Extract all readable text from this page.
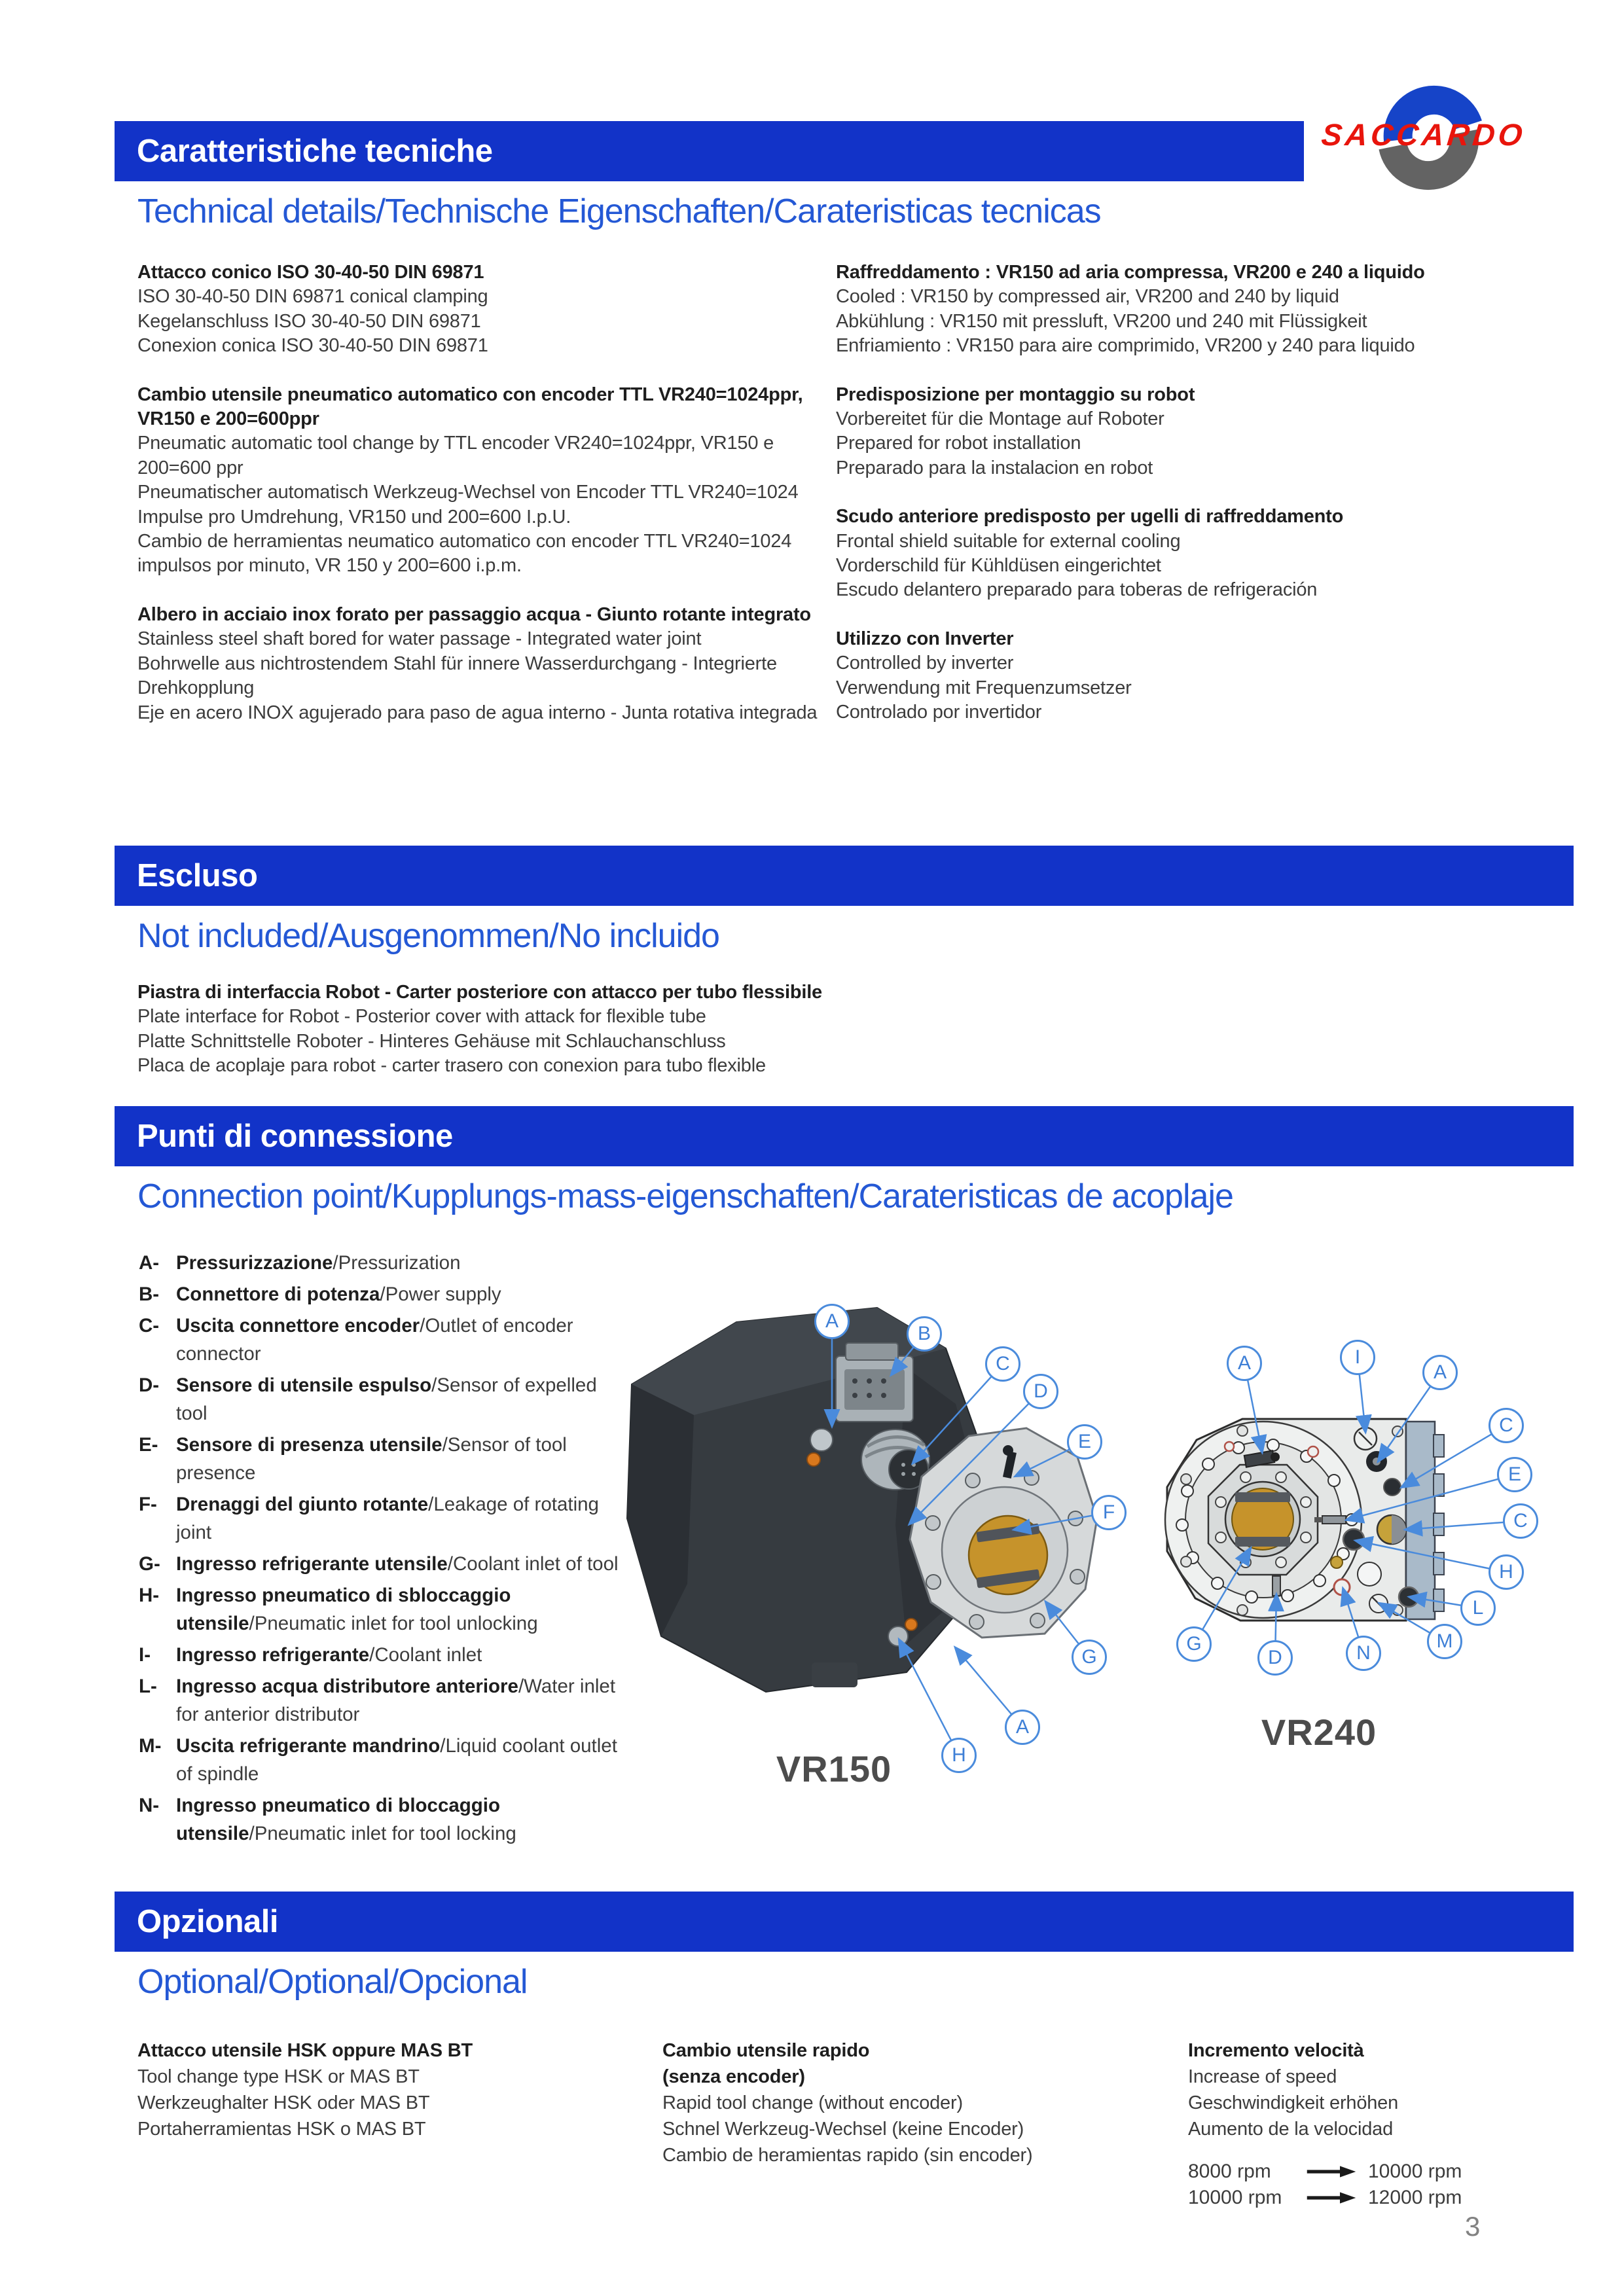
Caratteristiche tecniche	SACCARDO
Technical details/Technische Eigenschaften/Carateristicas tecnicas

Attacco conico ISO 30-40-50 DIN 69871

ISO 30-40-50 DIN 69871 conical clamping

Kegelanschluss ISO 30-40-50 DIN 69871

Conexion conica ISO 30-40-50 DIN 69871

Cambio utensile pneumatico automatico con encoder TTL VR240=1024ppr, VR150 e 200=600ppr

Pneumatic automatic tool change by TTL encoder VR240=1024ppr, VR150 e 200=600 ppr

Pneumatischer automatisch Werkzeug-Wechsel von Encoder TTL VR240=1024 Impulse pro Umdrehung, VR150 und 200=600 I.p.U.

Cambio de herramientas neumatico automatico con encoder TTL VR240=1024 impulsos por minuto, VR 150 y 200=600 i.p.m.

Albero in acciaio inox forato per passaggio acqua - Giunto rotante integrato

Stainless steel shaft bored for water passage - Integrated water joint

Bohrwelle aus nichtrostendem Stahl für innere Wasserdurchgang - Integrierte Drehkopplung

Eje en acero INOX agujerado para paso de agua interno - Junta rotativa integrada

Raffreddamento : VR150 ad aria compressa, VR200 e 240 a liquido

Cooled : VR150 by compressed air, VR200 and 240 by liquid

Abkühlung : VR150 mit pressluft, VR200 und 240 mit Flüssigkeit

Enfriamiento : VR150 para aire comprimido, VR200 y 240 para liquido

Predisposizione per montaggio su robot

Vorbereitet für die Montage auf Roboter

Prepared for robot installation

Preparado para la instalacion en robot

Scudo anteriore predisposto per ugelli di raffreddamento

Frontal shield suitable for external cooling

Vorderschild für Kühldüsen eingerichtet

Escudo delantero preparado para toberas de refrigeración

Utilizzo con Inverter

Controlled by inverter

Verwendung mit Frequenzumsetzer

Controlado por invertidor

Escluso
Not included/Ausgenommen/No incluido

Piastra di interfaccia Robot - Carter posteriore con attacco per tubo flessibile

Plate interface for Robot - Posterior cover with attack for flexible tube

Platte Schnittstelle Roboter - Hinteres Gehäuse mit Schlauchanschluss

Placa de acoplaje para robot - carter trasero con conexion para tubo flexible

Punti di connessione
Connection point/Kupplungs-mass-eigenschaften/Carateristicas de acoplaje
A- Pressurizzazione/Pressurization
B- Connettore di potenza/Power supply
C- Uscita connettore encoder/Outlet of encoder connector
D- Sensore di utensile espulso/Sensor of expelled tool
E- Sensore di presenza utensile/Sensor of tool presence
F- Drenaggi del giunto rotante/Leakage of rotating joint
G- Ingresso refrigerante utensile/Coolant inlet of tool
H- Ingresso pneumatico di sbloccaggio utensile/Pneumatic inlet for tool unlocking
I-	Ingresso refrigerante/Coolant inlet
L- Ingresso acqua distributore anteriore/Water inlet for anterior distributor
M- Uscita refrigerante mandrino/Liquid coolant outlet of spindle
N- Ingresso pneumatico di bloccaggio utensile/Pneumatic inlet for tool locking
A
B
C
D
E
F
G
A
H
A	I
A
C
E
C
H
L
M
N
D
G
VR150
VR240
Opzionali
Optional/Optional/Opcional

Attacco utensile HSK oppure MAS BT

Tool change type HSK or MAS BT

Werkzeughalter HSK oder MAS BT

Portaherramientas HSK o MAS BT

Cambio utensile rapido

(senza encoder)

Rapid tool change (without encoder)

Schnel Werkzeug-Wechsel (keine Encoder)

Cambio de heramientas rapido (sin encoder)

Incremento velocità

Increase of speed

Geschwindigkeit erhöhen

Aumento de la velocidad

8000 rpm	10000 rpm
10000 rpm	12000 rpm
3
